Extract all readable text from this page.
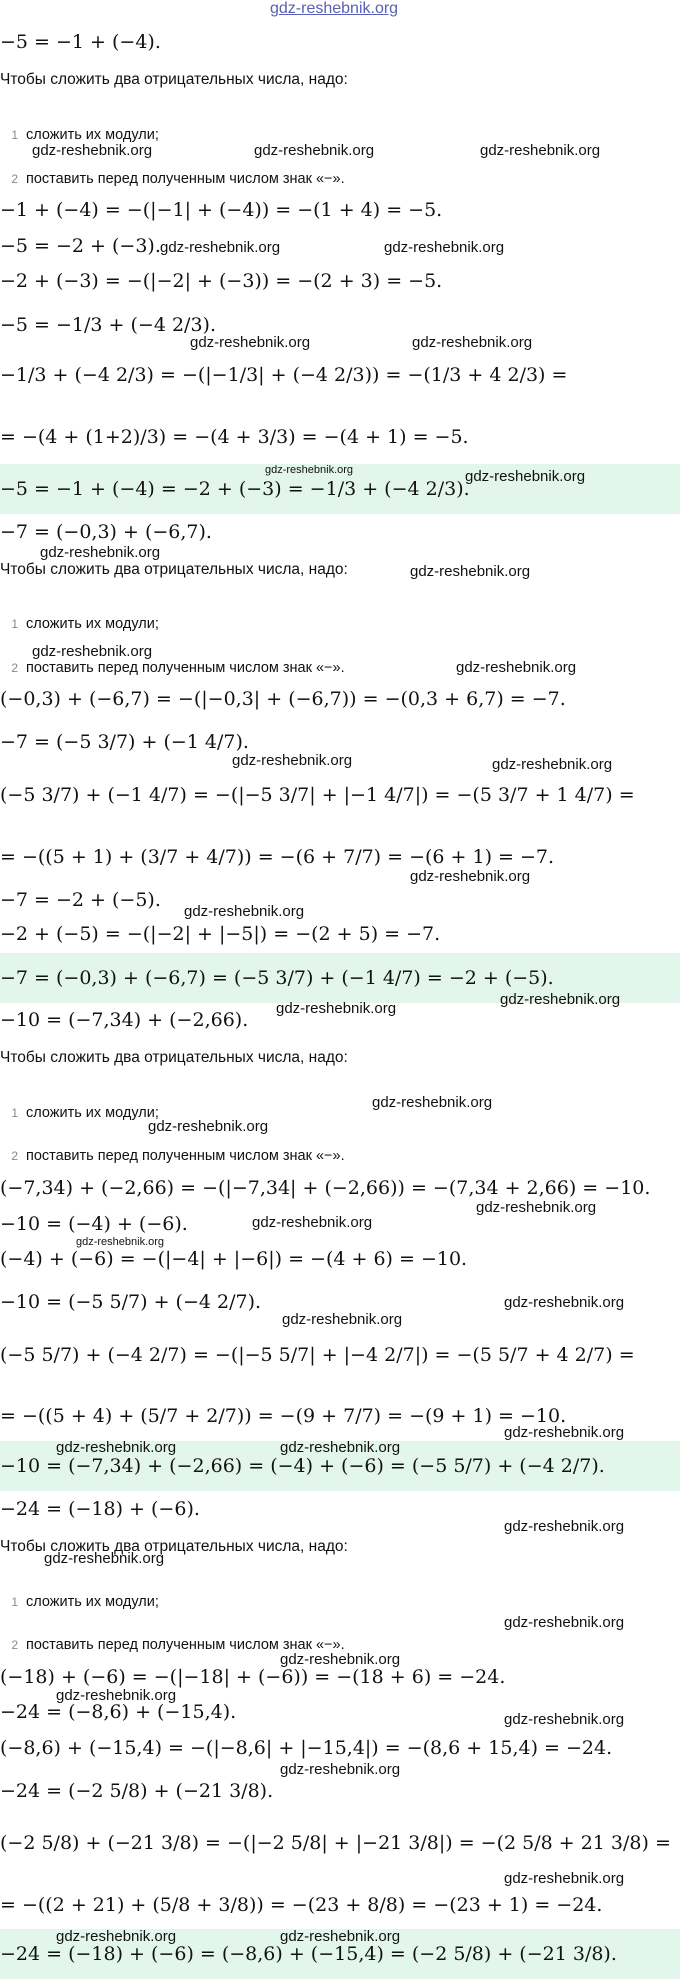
gdz-reshebnik.org
−5 = −1 + (−4).
Чтобы сложить два отрицательных числа, надо:
1 сложить их модули;
2 поставить перед полученным числом знак «−».
−1 + (−4) = −(|−1| + (−4)) = −(1 + 4) = −5.
−5 = −2 + (−3).
−2 + (−3) = −(|−2| + (−3)) = −(2 + 3) = −5.
−5 = −1/3 + (−4 2/3).
−1/3 + (−4 2/3) = −(|−1/3| + (−4 2/3)) = −(1/3 + 4 2/3) =
= −(4 + (1+2)/3) = −(4 + 3/3) = −(4 + 1) = −5.
−5 = −1 + (−4) = −2 + (−3) = −1/3 + (−4 2/3).
−7 = (−0,3) + (−6,7).
Чтобы сложить два отрицательных числа, надо:
1 сложить их модули;
2 поставить перед полученным числом знак «−».
(−0,3) + (−6,7) = −(|−0,3| + (−6,7)) = −(0,3 + 6,7) = −7.
−7 = (−5 3/7) + (−1 4/7).
(−5 3/7) + (−1 4/7) = −(|−5 3/7| + |−1 4/7|) = −(5 3/7 + 1 4/7) =
= −((5 + 1) + (3/7 + 4/7)) = −(6 + 7/7) = −(6 + 1) = −7.
−7 = −2 + (−5).
−2 + (−5) = −(|−2| + |−5|) = −(2 + 5) = −7.
−7 = (−0,3) + (−6,7) = (−5 3/7) + (−1 4/7) = −2 + (−5).
−10 = (−7,34) + (−2,66).
Чтобы сложить два отрицательных числа, надо:
1 сложить их модули;
2 поставить перед полученным числом знак «−».
(−7,34) + (−2,66) = −(|−7,34| + (−2,66)) = −(7,34 + 2,66) = −10.
−10 = (−4) + (−6).
(−4) + (−6) = −(|−4| + |−6|) = −(4 + 6) = −10.
−10 = (−5 5/7) + (−4 2/7).
(−5 5/7) + (−4 2/7) = −(|−5 5/7| + |−4 2/7|) = −(5 5/7 + 4 2/7) =
= −((5 + 4) + (5/7 + 2/7)) = −(9 + 7/7) = −(9 + 1) = −10.
−10 = (−7,34) + (−2,66) = (−4) + (−6) = (−5 5/7) + (−4 2/7).
−24 = (−18) + (−6).
Чтобы сложить два отрицательных числа, надо:
1 сложить их модули;
2 поставить перед полученным числом знак «−».
(−18) + (−6) = −(|−18| + (−6)) = −(18 + 6) = −24.
−24 = (−8,6) + (−15,4).
(−8,6) + (−15,4) = −(|−8,6| + |−15,4|) = −(8,6 + 15,4) = −24.
−24 = (−2 5/8) + (−21 3/8).
(−2 5/8) + (−21 3/8) = −(|−2 5/8| + |−21 3/8|) = −(2 5/8 + 21 3/8) =
= −((2 + 21) + (5/8 + 3/8)) = −(23 + 8/8) = −(23 + 1) = −24.
−24 = (−18) + (−6) = (−8,6) + (−15,4) = (−2 5/8) + (−21 3/8).
gdz-reshebnik.org	gdz-reshebnik.org	gdz-reshebnik.org
gdz-reshebnik.org	gdz-reshebnik.org
gdz-reshebnik.org	gdz-reshebnik.org
gdz-reshebnik.org	gdz-reshebnik.org
gdz-reshebnik.org
gdz-reshebnik.org
gdz-reshebnik.org
gdz-reshebnik.org
gdz-reshebnik.org	gdz-reshebnik.org
gdz-reshebnik.org
gdz-reshebnik.org
gdz-reshebnik.org
gdz-reshebnik.org
gdz-reshebnik.org
gdz-reshebnik.org
gdz-reshebnik.org
gdz-reshebnik.org
gdz-reshebnik.org
gdz-reshebnik.org
gdz-reshebnik.org
gdz-reshebnik.org
gdz-reshebnik.org	gdz-reshebnik.org
gdz-reshebnik.org
gdz-reshebnik.org
gdz-reshebnik.org
gdz-reshebnik.org
gdz-reshebnik.org
gdz-reshebnik.org
gdz-reshebnik.org
gdz-reshebnik.org
gdz-reshebnik.org	gdz-reshebnik.org
